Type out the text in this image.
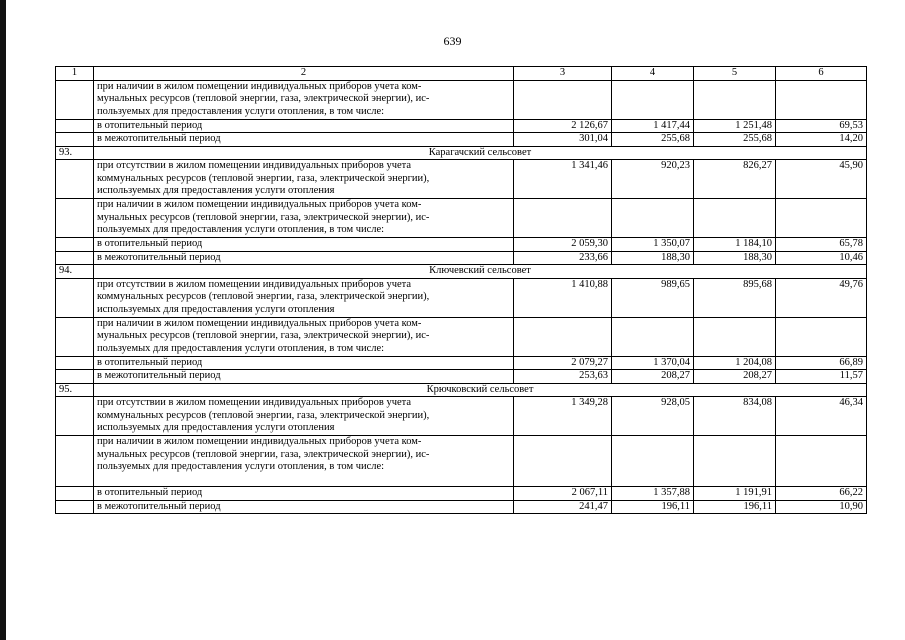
639
1	2	3	4	5	6

	при наличии в жилом помещении индивидуальных приборов учета ком-
мунальных ресурсов (тепловой энергии, газа, электрической энергии), ис-
пользуемых для предоставления услуги отопления, в том числе:				

	в отопительный период	2 126,67	1 417,44	1 251,48	69,53
	в межотопительный период	301,04	255,68	255,68	14,20
93.	Карагачский сельсовет				

	при отсутствии в жилом помещении индивидуальных приборов учета
коммунальных ресурсов (тепловой энергии, газа, электрической энергии),
используемых для предоставления услуги отопления	1 341,46	920,23	826,27	45,90

	при наличии в жилом помещении индивидуальных приборов учета ком-
мунальных ресурсов (тепловой энергии, газа, электрической энергии), ис-
пользуемых для предоставления услуги отопления, в том числе:				

	в отопительный период	2 059,30	1 350,07	1 184,10	65,78
	в межотопительный период	233,66	188,30	188,30	10,46
94.	Ключевский сельсовет				

	при отсутствии в жилом помещении индивидуальных приборов учета
коммунальных ресурсов (тепловой энергии, газа, электрической энергии),
используемых для предоставления услуги отопления	1 410,88	989,65	895,68	49,76

	при наличии в жилом помещении индивидуальных приборов учета ком-
мунальных ресурсов (тепловой энергии, газа, электрической энергии), ис-
пользуемых для предоставления услуги отопления, в том числе:				

	в отопительный период	2 079,27	1 370,04	1 204,08	66,89
	в межотопительный период	253,63	208,27	208,27	11,57
95.	Крючковский сельсовет				

	при отсутствии в жилом помещении индивидуальных приборов учета
коммунальных ресурсов (тепловой энергии, газа, электрической энергии),
используемых для предоставления услуги отопления	1 349,28	928,05	834,08	46,34

	при наличии в жилом помещении индивидуальных приборов учета ком-
мунальных ресурсов (тепловой энергии, газа, электрической энергии), ис-
пользуемых для предоставления услуги отопления, в том числе:				

	в отопительный период	2 067,11	1 357,88	1 191,91	66,22
	в межотопительный период	241,47	196,11	196,11	10,90
